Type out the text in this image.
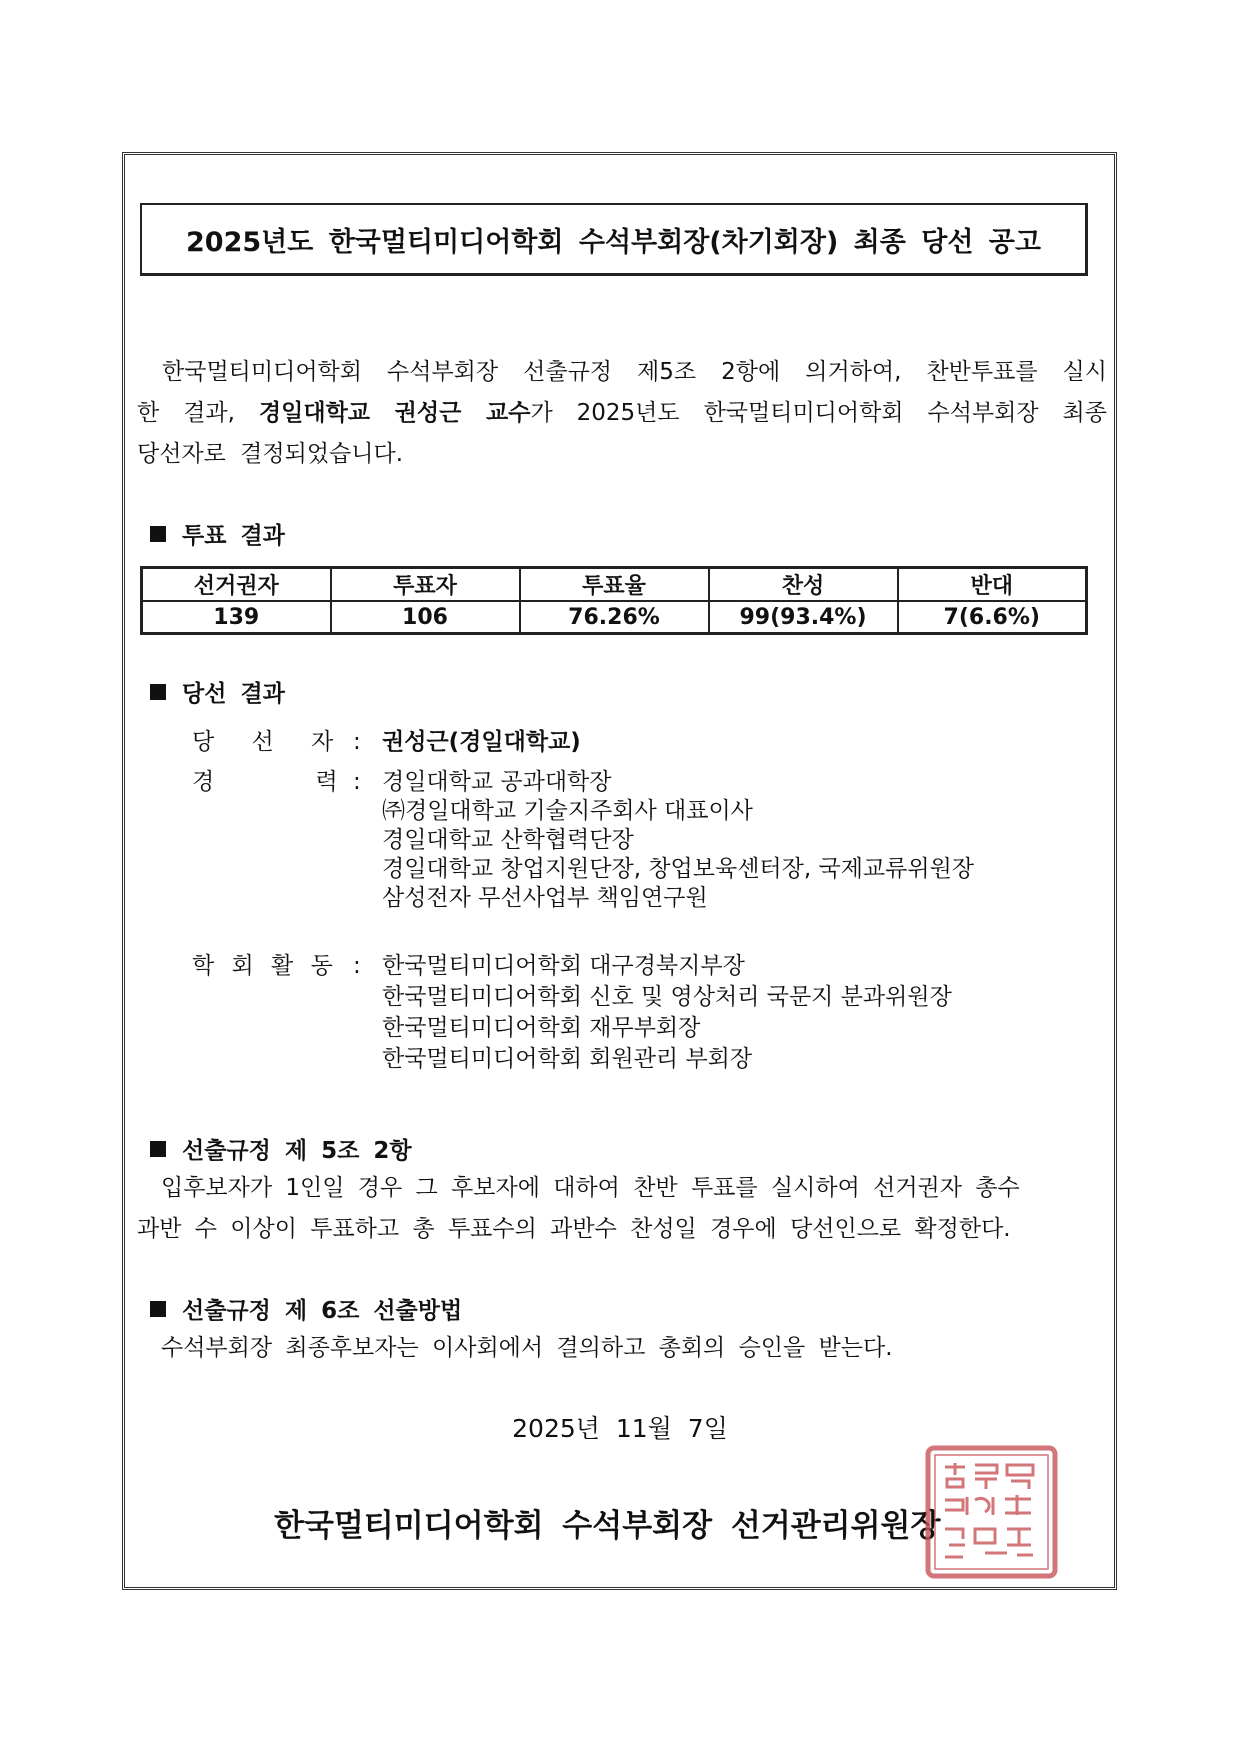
2025년도 한국멀티미디어학회 수석부회장(차기회장) 최종 당선 공고
한국멀티미디어학회 수석부회장 선출규정 제5조 2항에 의거하여, 찬반투표를 실시
한 결과, 경일대학교 권성근 교수가 2025년도 한국멀티미디어학회 수석부회장 최종
당선자로 결정되었습니다.
투표 결과
선거권자	투표자	투표율	찬성	반대
139	106	76.26%	99(93.4%)	7(6.6%)
당선 결과
당 선 자 : 권성근(경일대학교)
경 력 : 경일대학교 공과대학장
㈜경일대학교 기술지주회사 대표이사
경일대학교 산학협력단장
경일대학교 창업지원단장, 창업보육센터장, 국제교류위원장
삼성전자 무선사업부 책임연구원
학 회 활 동 : 한국멀티미디어학회 대구경북지부장
한국멀티미디어학회 신호 및 영상처리 국문지 분과위원장
한국멀티미디어학회 재무부회장
한국멀티미디어학회 회원관리 부회장
선출규정 제 5조 2항
입후보자가 1인일 경우 그 후보자에 대하여 찬반 투표를 실시하여 선거권자 총수
과반 수 이상이 투표하고 총 투표수의 과반수 찬성일 경우에 당선인으로 확정한다.
선출규정 제 6조 선출방법
수석부회장 최종후보자는 이사회에서 결의하고 총회의 승인을 받는다.
2025년 11월 7일
한국멀티미디어학회 수석부회장 선거관리위원장
